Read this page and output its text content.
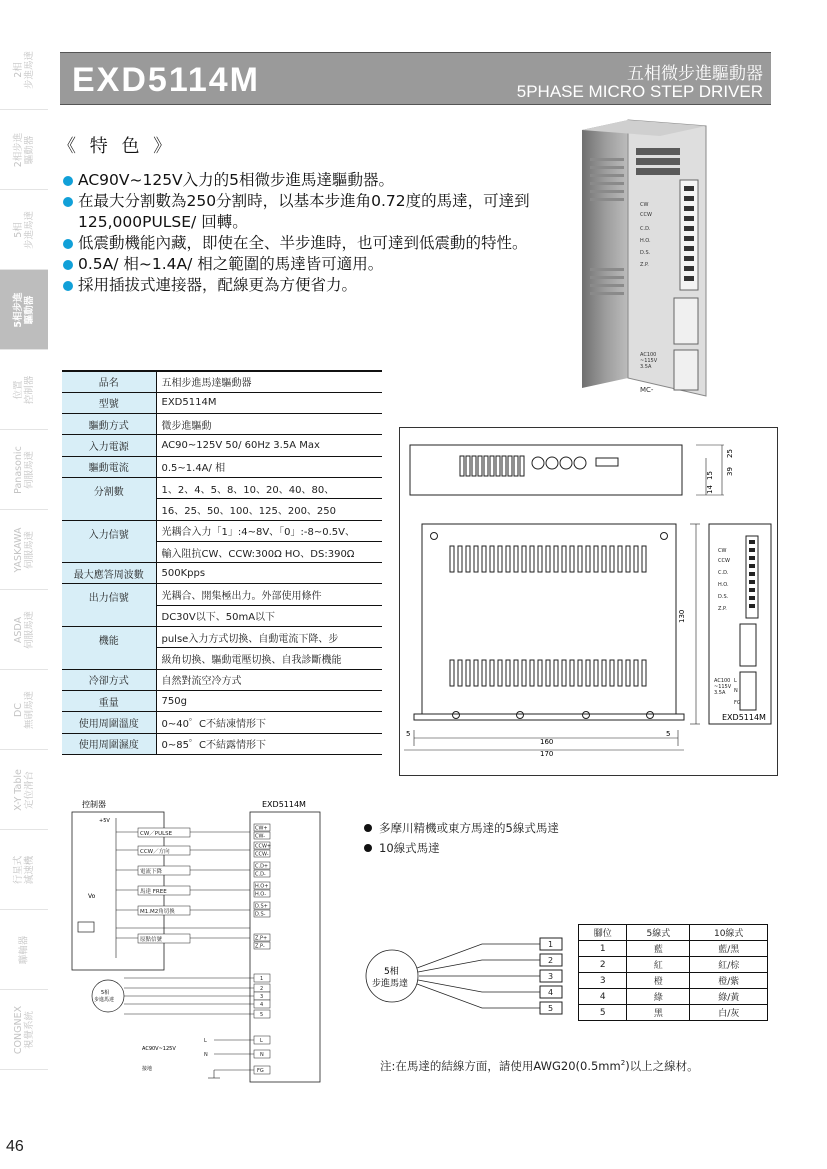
2相 步進馬達
2相步進 驅動器
5相 步進馬達
5相步進 驅動器
位置 控制器
Panasonic 伺服馬達
YASKAWA 伺服馬達
ASDA 伺服馬達
DC 無刷馬達
X-Y Table 定位滑台
行星式 減速機
聯軸器
CONGNEX 視覺系統
EXD5114M	五相微步進驅動器
5PHASE MICRO STEP DRIVER
《 特 色 》
AC90V~125V入力的5相微步進馬達驅動器。
在最大分割數為250分割時，以基本步進角0.72度的馬達，可達到125,000PULSE/ 回轉。
低震動機能內藏，即使在全、半步進時，也可達到低震動的特性。
0.5A/ 相~1.4A/ 相之範圍的馬達皆可適用。
採用插拔式連接器，配線更為方便省力。
CW
CCW
C.D.
H.O.
D.S.
Z.P.
AC100
~115V
3.5A
MC-
品名	五相步進馬達驅動器
型號	EXD5114M
驅動方式	微步進驅動
入力電源	AC90~125V 50/ 60Hz 3.5A Max
驅動電流	0.5~1.4A/ 相
分割數	1、2、4、5、8、10、20、40、80、
	16、25、50、100、125、200、250
入力信號	光耦合入力「1」:4~8V、「0」:-8~0.5V、
	輸入阻抗CW、CCW:300Ω HO、DS:390Ω
最大應答周波數	500Kpps
出力信號	光耦合、開集極出力。外部使用條件
	DC30V以下、50mA以下
機能	pulse入力方式切換、自動電流下降、步
	級角切換、驅動電壓切換、自我診斷機能
冷卻方式	自然對流空冷方式
重量	750g
使用周圍溫度	0~40゜C不結凍情形下
使用周圍濕度	0~85゜C不結露情形下
25
39
15
14
130
160
170
5	5
CW
CCW
C.D.
H.O.
D.S.
Z.P.
AC100
~115V
3.5A
L
N
FG
EXD5114M
控制器	EXD5114M
+5V
CW／PULSE
CCW／方向
電流下降
馬達 FREE
M1.M2角切換
原點信號
Vo
CW+
CW-
CCW+
CCW-
C.D+
C.D-
H.O+
H.O-
D.S+
D.S-
Z.P+
Z.P-
5相
步進馬達
1
2
3
4
5
AC90V~125V
接地
L
N
L
N
FG
多摩川精機或東方馬達的5線式馬達
10線式馬達
5相
步進馬達
1
2
3
4
5
腳位	5線式	10線式
1	藍	藍/黑
2	紅	紅/棕
3	橙	橙/紫
4	綠	綠/黃
5	黑	白/灰
注:在馬達的結線方面，請使用$AWG20(0.5mm^2)$以上之線材。
46
